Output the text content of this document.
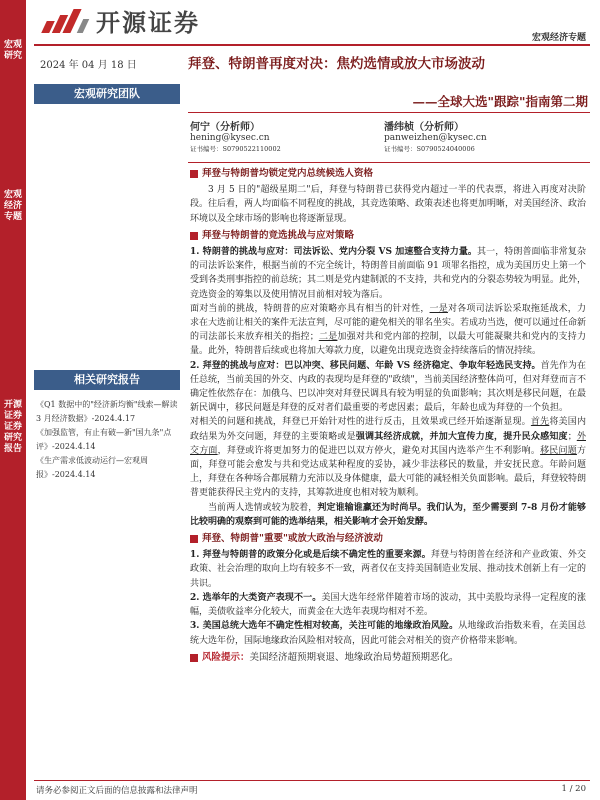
宏观研究
宏观经济专题
开源证券 证券研究报告
开源证券
宏观经济专题
2024 年 04 月 18 日
宏观研究团队
拜登、特朗普再度对决：焦灼选情或放大市场波动
——全球大选"跟踪"指南第二期
何宁（分析师）
hening@kysec.cn
证书编号：S0790522110002
潘纬桢（分析师）
panweizhen@kysec.cn
证书编号：S0790524040006
相关研究报告

《Q1 数据中的"经济新均衡"线索—解读 3 月经济数据》-2024.4.17

《加强监管，有止有破—新"国九条"点评》-2024.4.14

《生产需求低波动运行—宏观周报》-2024.4.14

拜登与特朗普均锁定党内总统候选人资格

3 月 5 日的"超级星期二"后，拜登与特朗普已获得党内超过一半的代表票，将进入再度对决阶段。往后看，两人均面临不同程度的挑战，其竞选策略、政策表述也将更加明晰，对美国经济、政治环境以及全球市场的影响也将逐渐显现。

拜登与特朗普的竞选挑战与应对策略

1. 特朗普的挑战与应对：司法诉讼、党内分裂 VS 加速整合支持力量。其一，特朗普面临非常复杂的司法诉讼案件，根据当前的不完全统计，特朗普目前面临 91 项罪名指控，成为美国历史上第一个受到各类刑事指控的前总统；其二则是党内建制派的不支持，共和党内的分裂态势较为明显。此外，竞选资金的筹集以及使用情况目前相对较为落后。

面对当前的挑战，特朗普的应对策略亦具有相当的针对性，一是对各项司法诉讼采取拖延战术，力求在大选前让相关的案件无法宣判，尽可能的避免相关的罪名坐实。若成功当选，便可以通过任命新的司法部长来放弃相关的指控；二是加强对共和党内部的控制，以最大可能凝聚共和党内的支持力量。此外，特朗普后续或也将加大筹款力度，以避免出现竞选资金持续落后的情况持续。

2. 拜登的挑战与应对：巴以冲突、移民问题、年龄 VS 经济稳定、争取年轻选民支持。首先作为在任总统，当前美国的外交、内政的表现均是拜登的"政绩"，当前美国经济整体尚可，但对拜登而言不确定性依然存在：加俄乌、巴以冲突对拜登民调具有较为明显的负面影响；其次则是移民问题，在最新民调中，移民问题是拜登的反对者们最重要的考虑因素；最后，年龄也成为拜登的一个负担。

对相关的问题和挑战，拜登已开始针对性的进行反击，且效果或已经开始逐渐显现。首先将美国内政结果为外交问题，拜登的主要策略或是强调其经济成就，并加大宣传力度，提升民众感知度；外交方面，拜登或许将更加努力的促进巴以双方停火，避免对其国内选举产生不利影响。移民问题方面，拜登可能会愈发与共和党达成某种程度的妥协，减少非法移民的数量，并安抚民意。年龄问题上，拜登在各种场合都展精力充沛以及身体健康，最大可能的减轻相关负面影响。最后，拜登较特朗普更能获得民主党内的支持，其筹款进度也相对较为顺利。

当前两人选情或较为胶着，判定谁输谁赢还为时尚早。我们认为，至少需要到 7-8 月份才能够比较明确的观察到可能的选举结果，相关影响才会开始发酵。

拜登、特朗普"重要"或放大政治与经济波动

1. 拜登与特朗普的政策分化或是后续不确定性的重要来源。拜登与特朗普在经济和产业政策、外交政策、社会治理的取向上均有较多不一致，两者仅在支持美国制造业发展、推动技术创新上有一定的共识。

2. 选举年的大类资产表现不一。美国大选年经常伴随着市场的波动，其中美股均录得一定程度的涨幅，美债收益率分化较大，而黄金在大选年表现均相对不差。

3. 美国总统大选年不确定性相对较高，关注可能的地缘政治风险。从地缘政治指数来看，在美国总统大选年份，国际地缘政治风险相对较高，因此可能会对相关的资产价格带来影响。

风险提示： 美国经济超预期衰退、地缘政治局势超预期恶化。

请务必参阅正文后面的信息披露和法律声明	1 / 20
